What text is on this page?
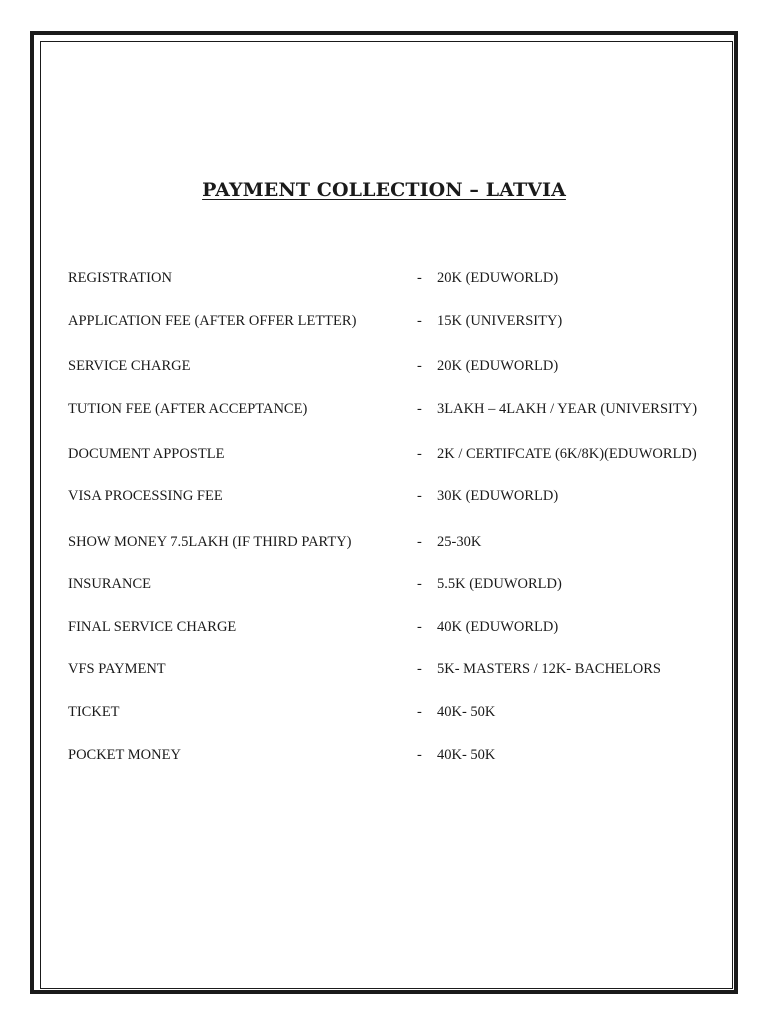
PAYMENT COLLECTION – LATVIA
REGISTRATION	- 20K (EDUWORLD)
APPLICATION FEE (AFTER OFFER LETTER)	- 15K (UNIVERSITY)
SERVICE CHARGE	- 20K (EDUWORLD)
TUTION FEE (AFTER ACCEPTANCE)	- 3LAKH – 4LAKH / YEAR (UNIVERSITY)
DOCUMENT APPOSTLE	- 2K / CERTIFCATE (6K/8K)(EDUWORLD)
VISA PROCESSING FEE	- 30K (EDUWORLD)
SHOW MONEY 7.5LAKH (IF THIRD PARTY)	- 25-30K
INSURANCE	- 5.5K (EDUWORLD)
FINAL SERVICE CHARGE	- 40K (EDUWORLD)
VFS PAYMENT	- 5K- MASTERS / 12K- BACHELORS
TICKET	- 40K- 50K
POCKET MONEY	- 40K- 50K
